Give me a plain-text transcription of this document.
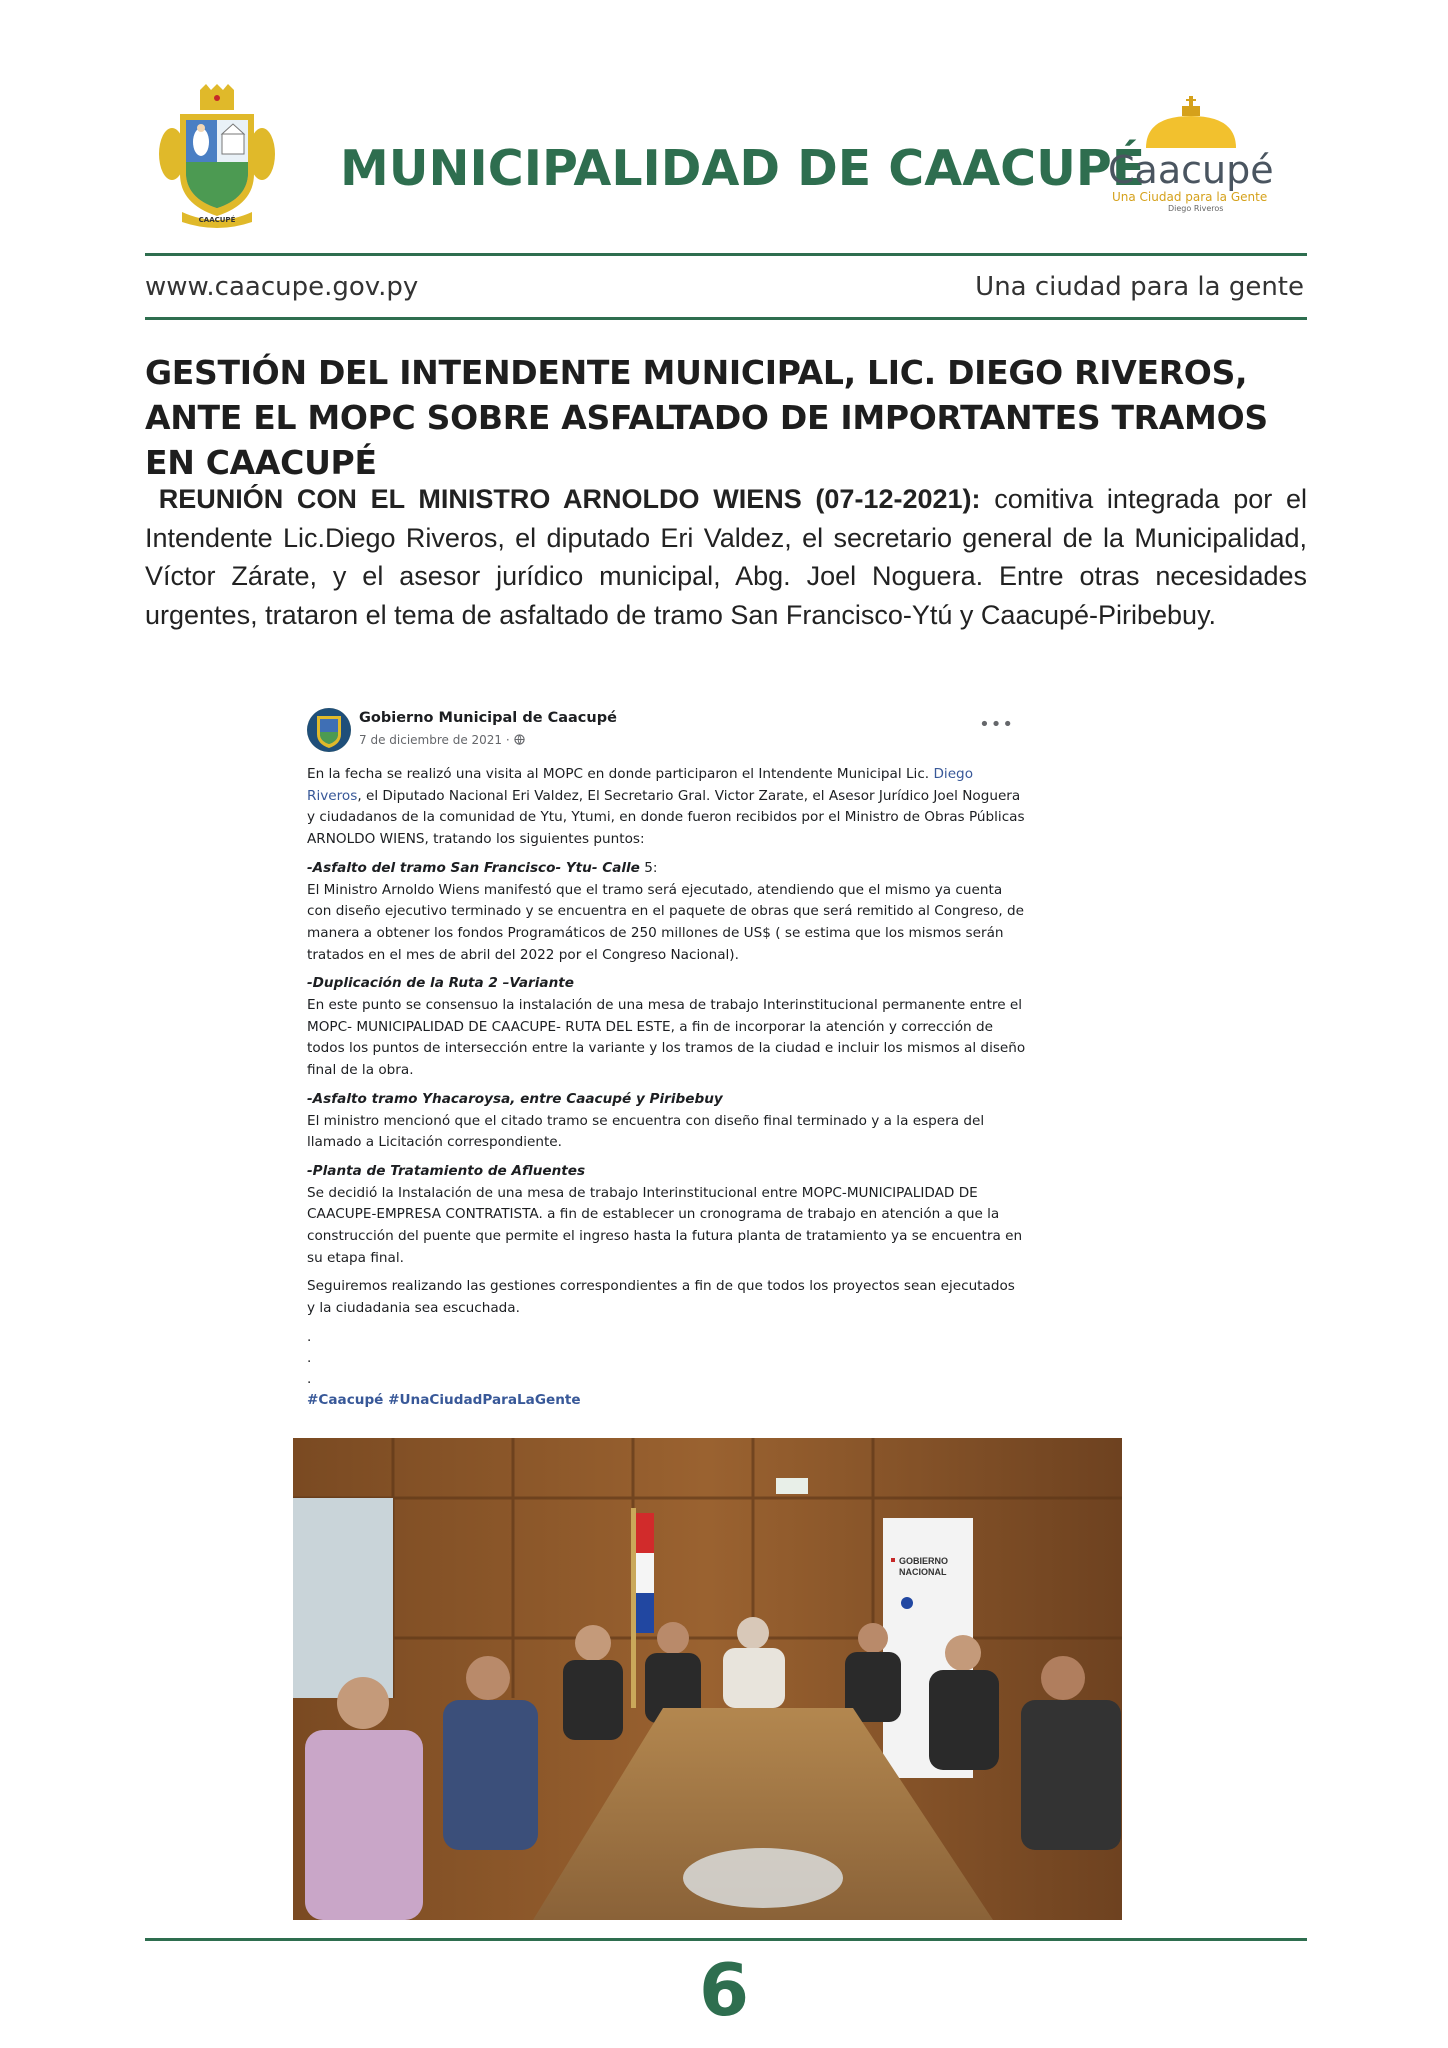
CAACUPÉ
MUNICIPALIDAD DE CAACUPÉ
Caacupé
Una Ciudad para la Gente
Diego Riveros
www.caacupe.gov.py	Una ciudad para la gente
GESTIÓN DEL INTENDENTE MUNICIPAL, LIC. DIEGO RIVEROS, ANTE EL MOPC SOBRE ASFALTADO DE IMPORTANTES TRAMOS EN CAACUPÉ
REUNIÓN CON EL MINISTRO ARNOLDO WIENS (07-12-2021): comitiva integrada por el Intendente Lic.Diego Riveros, el diputado Eri Valdez, el secretario general de la Municipalidad, Víctor Zárate, y el asesor jurídico municipal, Abg. Joel Noguera. Entre otras necesidades urgentes, trataron el tema de asfaltado de tramo San Francisco-Ytú y Caacupé-Piribebuy.
Gobierno Municipal de Caacupé
7 de diciembre de 2021 ·
•••

En la fecha se realizó una visita al MOPC en donde participaron el Intendente Municipal Lic. Diego Riveros, el Diputado Nacional Eri Valdez, El Secretario Gral. Victor Zarate, el Asesor Jurídico Joel Noguera y ciudadanos de la comunidad de Ytu, Ytumi, en donde fueron recibidos por el Ministro de Obras Públicas ARNOLDO WIENS, tratando los siguientes puntos:

-Asfalto del tramo San Francisco- Ytu- Calle 5:
El Ministro Arnoldo Wiens manifestó que el tramo será ejecutado, atendiendo que el mismo ya cuenta con diseño ejecutivo terminado y se encuentra en el paquete de obras que será remitido al Congreso, de manera a obtener los fondos Programáticos de 250 millones de US$ ( se estima que los mismos serán tratados en el mes de abril del 2022 por el Congreso Nacional).

-Duplicación de la Ruta 2 –Variante
En este punto se consensuo la instalación de una mesa de trabajo Interinstitucional permanente entre el MOPC- MUNICIPALIDAD DE CAACUPE- RUTA DEL ESTE, a fin de incorporar la atención y corrección de todos los puntos de intersección entre la variante y los tramos de la ciudad e incluir los mismos al diseño final de la obra.

-Asfalto tramo Yhacaroysa, entre Caacupé y Piribebuy
El ministro mencionó que el citado tramo se encuentra con diseño final terminado y a la espera del llamado a Licitación correspondiente.

-Planta de Tratamiento de Afluentes
Se decidió la Instalación de una mesa de trabajo Interinstitucional entre MOPC-MUNICIPALIDAD DE CAACUPE-EMPRESA CONTRATISTA. a fin de establecer un cronograma de trabajo en atención a que la construcción del puente que permite el ingreso hasta la futura planta de tratamiento ya se encuentra en su etapa final.

Seguiremos realizando las gestiones correspondientes a fin de que todos los proyectos sean ejecutados y la ciudadania sea escuchada.

.

.

.

#Caacupé #UnaCiudadParaLaGente

GOBIERNO
NACIONAL
6
